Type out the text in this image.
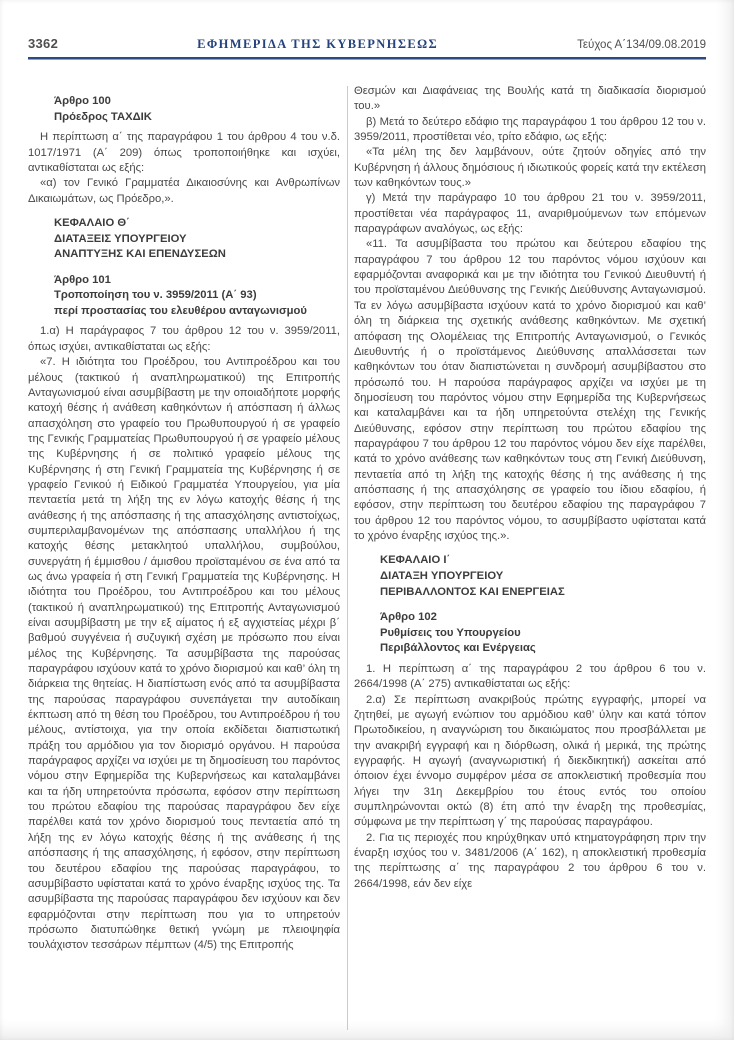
3362	ΕΦΗΜΕΡΙΔΑ ΤΗΣ ΚΥΒΕΡΝΗΣΕΩΣ	Τεύχος Α΄134/09.08.2019
Άρθρο 100
Πρόεδρος ΤΑΧΔΙΚ

Η περίπτωση α΄ της παραγράφου 1 του άρθρου 4 του ν.δ. 1017/1971 (Α΄ 209) όπως τροποποιήθηκε και ισχύει, αντικαθίσταται ως εξής:

«α) τον Γενικό Γραμματέα Δικαιοσύνης και Ανθρωπίνων Δικαιωμάτων, ως Πρόεδρο,».

ΚΕΦΑΛΑΙΟ Θ΄
ΔΙΑΤΑΞΕΙΣ ΥΠΟΥΡΓΕΙΟΥ
ΑΝΑΠΤΥΞΗΣ ΚΑΙ ΕΠΕΝΔΥΣΕΩΝ
Άρθρο 101
Τροποποίηση του ν. 3959/2011 (Α΄ 93)
περί προστασίας του ελευθέρου ανταγωνισμού

1.α) Η παράγραφος 7 του άρθρου 12 του ν. 3959/2011, όπως ισχύει, αντικαθίσταται ως εξής:

«7. Η ιδιότητα του Προέδρου, του Αντιπροέδρου και του μέλους (τακτικού ή αναπληρωματικού) της Επιτροπής Ανταγωνισμού είναι ασυμβίβαστη με την οποιαδήποτε μορφής κατοχή θέσης ή ανάθεση καθηκόντων ή απόσπαση ή άλλως απασχόληση στο γραφείο του Πρωθυπουργού ή σε γραφείο της Γενικής Γραμματείας Πρωθυπουργού ή σε γραφείο μέλους της Κυβέρνησης ή σε πολιτικό γραφείο μέλους της Κυβέρνησης ή στη Γενική Γραμματεία της Κυβέρνησης ή σε γραφείο Γενικού ή Ειδικού Γραμματέα Υπουργείου, για μία πενταετία μετά τη λήξη της εν λόγω κατοχής θέσης ή της ανάθεσης ή της απόσπασης ή της απασχόλησης αντιστοίχως, συμπεριλαμβανομένων της απόσπασης υπαλλήλου ή της κατοχής θέσης μετακλητού υπαλλήλου, συμβούλου, συνεργάτη ή έμμισθου / άμισθου προϊσταμένου σε ένα από τα ως άνω γραφεία ή στη Γενική Γραμματεία της Κυβέρνησης. Η ιδιότητα του Προέδρου, του Αντιπροέδρου και του μέλους (τακτικού ή αναπληρωματικού) της Επιτροπής Ανταγωνισμού είναι ασυμβίβαστη με την εξ αίματος ή εξ αγχιστείας μέχρι β΄ βαθμού συγγένεια ή συζυγική σχέση με πρόσωπο που είναι μέλος της Κυβέρνησης. Τα ασυμβίβαστα της παρούσας παραγράφου ισχύουν κατά το χρόνο διορισμού και καθ’ όλη τη διάρκεια της θητείας. Η διαπίστωση ενός από τα ασυμβίβαστα της παρούσας παραγράφου συνεπάγεται την αυτοδίκαιη έκπτωση από τη θέση του Προέδρου, του Αντιπροέδρου ή του μέλους, αντίστοιχα, για την οποία εκδίδεται διαπιστωτική πράξη του αρμόδιου για τον διορισμό οργάνου. Η παρούσα παράγραφος αρχίζει να ισχύει με τη δημοσίευση του παρόντος νόμου στην Εφημερίδα της Κυβερνήσεως και καταλαμβάνει και τα ήδη υπηρετούντα πρόσωπα, εφόσον στην περίπτωση του πρώτου εδαφίου της παρούσας παραγράφου δεν είχε παρέλθει κατά τον χρόνο διορισμού τους πενταετία από τη λήξη της εν λόγω κατοχής θέσης ή της ανάθεσης ή της απόσπασης ή της απασχόλησης, ή εφόσον, στην περίπτωση του δευτέρου εδαφίου της παρούσας παραγράφου, το ασυμβίβαστο υφίσταται κατά το χρόνο έναρξης ισχύος της. Τα ασυμβίβαστα της παρούσας παραγράφου δεν ισχύουν και δεν εφαρμόζονται στην περίπτωση που για το υπηρετούν πρόσωπο διατυπώθηκε θετική γνώμη με πλειοψηφία τουλάχιστον τεσσάρων πέμπτων (4/5) της Επιτροπής

Θεσμών και Διαφάνειας της Βουλής κατά τη διαδικασία διορισμού του.»

β) Μετά το δεύτερο εδάφιο της παραγράφου 1 του άρθρου 12 του ν. 3959/2011, προστίθεται νέο, τρίτο εδάφιο, ως εξής:

«Τα μέλη της δεν λαμβάνουν, ούτε ζητούν οδηγίες από την Κυβέρνηση ή άλλους δημόσιους ή ιδιωτικούς φορείς κατά την εκτέλεση των καθηκόντων τους.»

γ) Μετά την παράγραφο 10 του άρθρου 21 του ν. 3959/2011, προστίθεται νέα παράγραφος 11, αναριθμούμενων των επόμενων παραγράφων αναλόγως, ως εξής:

«11. Τα ασυμβίβαστα του πρώτου και δεύτερου εδαφίου της παραγράφου 7 του άρθρου 12 του παρόντος νόμου ισχύουν και εφαρμόζονται αναφορικά και με την ιδιότητα του Γενικού Διευθυντή ή του προϊσταμένου Διεύθυνσης της Γενικής Διεύθυνσης Ανταγωνισμού. Τα εν λόγω ασυμβίβαστα ισχύουν κατά το χρόνο διορισμού και καθ’ όλη τη διάρκεια της σχετικής ανάθεσης καθηκόντων. Με σχετική απόφαση της Ολομέλειας της Επιτροπής Ανταγωνισμού, ο Γενικός Διευθυντής ή ο προϊστάμενος Διεύθυνσης απαλλάσσεται των καθηκόντων του όταν διαπιστώνεται η συνδρομή ασυμβίβαστου στο πρόσωπό του. Η παρούσα παράγραφος αρχίζει να ισχύει με τη δημοσίευση του παρόντος νόμου στην Εφημερίδα της Κυβερνήσεως και καταλαμβάνει και τα ήδη υπηρετούντα στελέχη της Γενικής Διεύθυνσης, εφόσον στην περίπτωση του πρώτου εδαφίου της παραγράφου 7 του άρθρου 12 του παρόντος νόμου δεν είχε παρέλθει, κατά το χρόνο ανάθεσης των καθηκόντων τους στη Γενική Διεύθυνση, πενταετία από τη λήξη της κατοχής θέσης ή της ανάθεσης ή της απόσπασης ή της απασχόλησης σε γραφείο του ίδιου εδαφίου, ή εφόσον, στην περίπτωση του δευτέρου εδαφίου της παραγράφου 7 του άρθρου 12 του παρόντος νόμου, το ασυμβίβαστο υφίσταται κατά το χρόνο έναρξης ισχύος της.».

ΚΕΦΑΛΑΙΟ Ι΄
ΔΙΑΤΑΞΗ ΥΠΟΥΡΓΕΙΟΥ
ΠΕΡΙΒΑΛΛΟΝΤΟΣ ΚΑΙ ΕΝΕΡΓΕΙΑΣ
Άρθρο 102
Ρυθμίσεις του Υπουργείου
Περιβάλλοντος και Ενέργειας

1. Η περίπτωση α΄ της παραγράφου 2 του άρθρου 6 του ν. 2664/1998 (Α΄ 275) αντικαθίσταται ως εξής:

2.α) Σε περίπτωση ανακριβούς πρώτης εγγραφής, μπορεί να ζητηθεί, με αγωγή ενώπιον του αρμόδιου καθ’ ύλην και κατά τόπον Πρωτοδικείου, η αναγνώριση του δικαιώματος που προσβάλλεται με την ανακριβή εγγραφή και η διόρθωση, ολικά ή μερικά, της πρώτης εγγραφής. Η αγωγή (αναγνωριστική ή διεκδικητική) ασκείται από όποιον έχει έννομο συμφέρον μέσα σε αποκλειστική προθεσμία που λήγει την 31η Δεκεμβρίου του έτους εντός του οποίου συμπληρώνονται οκτώ (8) έτη από την έναρξη της προθεσμίας, σύμφωνα με την περίπτωση γ΄ της παρούσας παραγράφου.

2. Για τις περιοχές που κηρύχθηκαν υπό κτηματογράφηση πριν την έναρξη ισχύος του ν. 3481/2006 (Α΄ 162), η αποκλειστική προθεσμία της περίπτωσης α΄ της παραγράφου 2 του άρθρου 6 του ν. 2664/1998, εάν δεν είχε
